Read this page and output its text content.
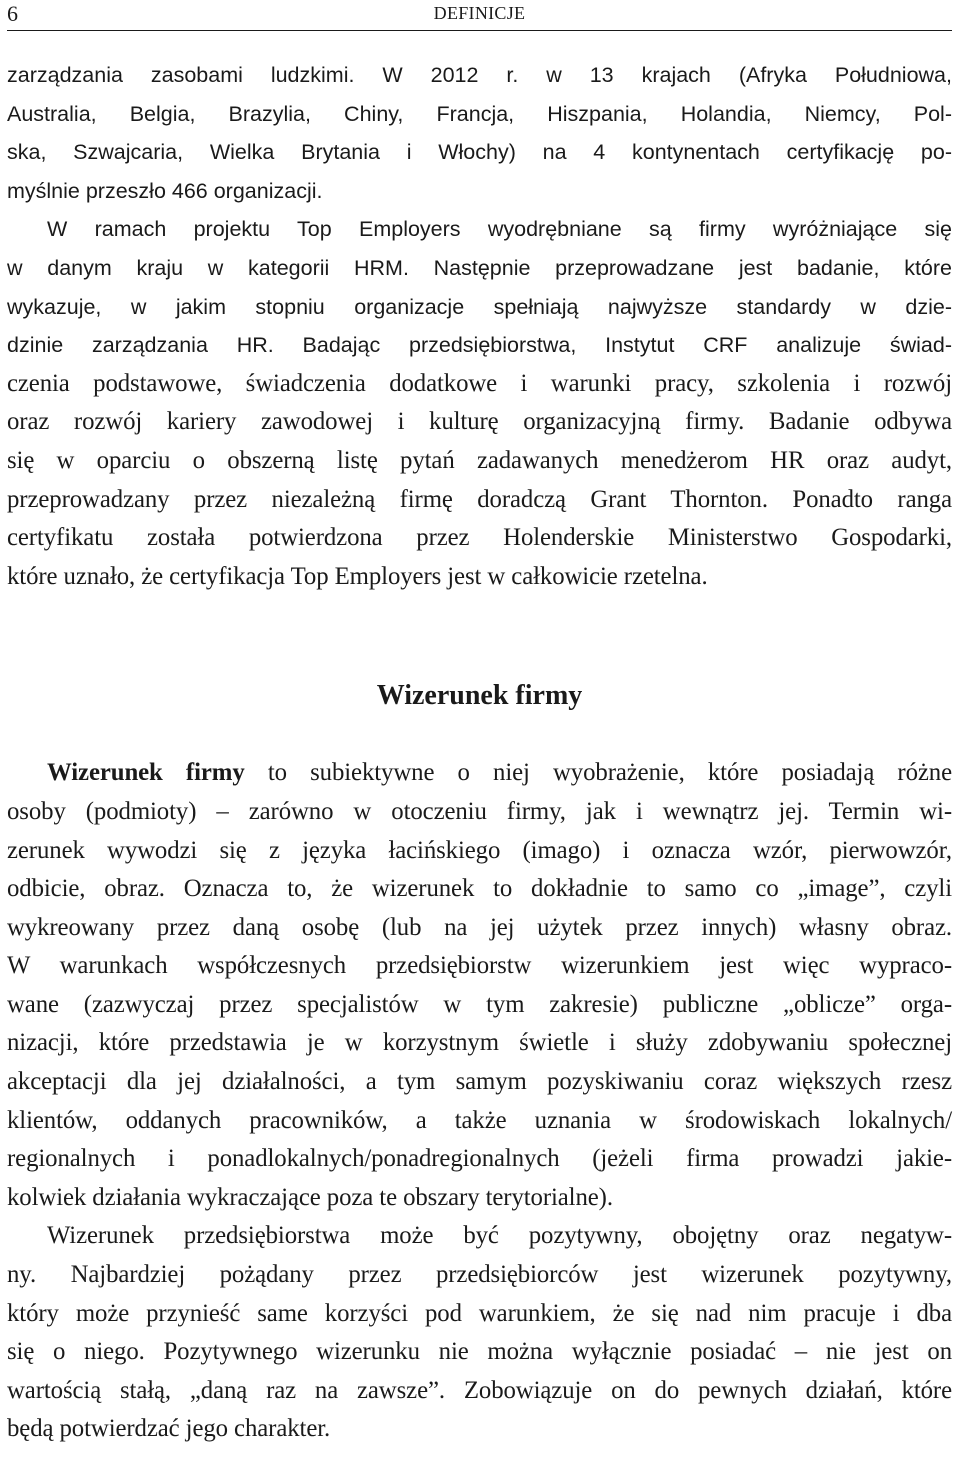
6	DEFINICJE
zarządzania zasobami ludzkimi. W 2012 r. w 13 krajach (Afryka Południowa,
Australia, Belgia, Brazylia, Chiny, Francja, Hiszpania, Holandia, Niemcy, Pol-
ska, Szwajcaria, Wielka Brytania i Włochy) na 4 kontynentach certyfikację po-
myślnie przeszło 466 organizacji.
W ramach projektu Top Employers wyodrębniane są firmy wyróżniające się
w danym kraju w kategorii HRM. Następnie przeprowadzane jest badanie, które
wykazuje, w jakim stopniu organizacje spełniają najwyższe standardy w dzie-
dzinie zarządzania HR. Badając przedsiębiorstwa, Instytut CRF analizuje świad-
czenia podstawowe, świadczenia dodatkowe i warunki pracy, szkolenia i rozwój
oraz rozwój kariery zawodowej i kulturę organizacyjną firmy. Badanie odbywa
się w oparciu o obszerną listę pytań zadawanych menedżerom HR oraz audyt,
przeprowadzany przez niezależną firmę doradczą Grant Thornton. Ponadto ranga
certyfikatu została potwierdzona przez Holenderskie Ministerstwo Gospodarki,
które uznało, że certyfikacja Top Employers jest w całkowicie rzetelna.
Wizerunek firmy
Wizerunek firmy to subiektywne o niej wyobrażenie, które posiadają różne
osoby (podmioty) – zarówno w otoczeniu firmy, jak i wewnątrz jej. Termin wi-
zerunek wywodzi się z języka łacińskiego (imago) i oznacza wzór, pierwowzór,
odbicie, obraz. Oznacza to, że wizerunek to dokładnie to samo co „image”, czyli
wykreowany przez daną osobę (lub na jej użytek przez innych) własny obraz.
W warunkach współczesnych przedsiębiorstw wizerunkiem jest więc wypraco-
wane (zazwyczaj przez specjalistów w tym zakresie) publiczne „oblicze” orga-
nizacji, które przedstawia je w korzystnym świetle i służy zdobywaniu społecznej
akceptacji dla jej działalności, a tym samym pozyskiwaniu coraz większych rzesz
klientów, oddanych pracowników, a także uznania w środowiskach lokalnych/
regionalnych i ponadlokalnych/ponadregionalnych (jeżeli firma prowadzi jakie-
kolwiek działania wykraczające poza te obszary terytorialne).
Wizerunek przedsiębiorstwa może być pozytywny, obojętny oraz negatyw-
ny. Najbardziej pożądany przez przedsiębiorców jest wizerunek pozytywny,
który może przynieść same korzyści pod warunkiem, że się nad nim pracuje i dba
się o niego. Pozytywnego wizerunku nie można wyłącznie posiadać – nie jest on
wartością stałą, „daną raz na zawsze”. Zobowiązuje on do pewnych działań, które
będą potwierdzać jego charakter.
